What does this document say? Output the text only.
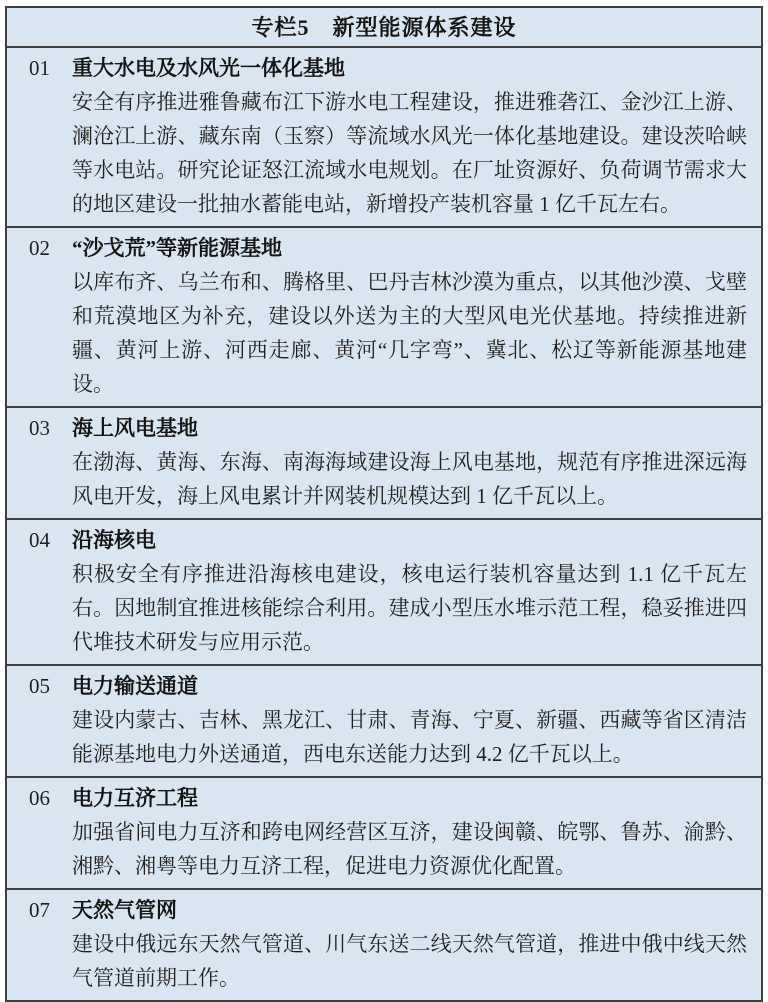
专栏5　新型能源体系建设
01	重大水电及水风光一体化基地
安全有序推进雅鲁藏布江下游水电工程建设，推进雅砻江、金沙江上游、澜沧江上游、藏东南（玉察）等流域水风光一体化基地建设。建设茨哈峡等水电站。研究论证怒江流域水电规划。在厂址资源好、负荷调节需求大的地区建设一批抽水蓄能电站，新增投产装机容量 1 亿千瓦左右。
02	“沙戈荒”等新能源基地
以库布齐、乌兰布和、腾格里、巴丹吉林沙漠为重点，以其他沙漠、戈壁和荒漠地区为补充，建设以外送为主的大型风电光伏基地。持续推进新疆、黄河上游、河西走廊、黄河“几字弯”、冀北、松辽等新能源基地建设。
03	海上风电基地
在渤海、黄海、东海、南海海域建设海上风电基地，规范有序推进深远海风电开发，海上风电累计并网装机规模达到 1 亿千瓦以上。
04	沿海核电
积极安全有序推进沿海核电建设，核电运行装机容量达到 1.1 亿千瓦左右。因地制宜推进核能综合利用。建成小型压水堆示范工程，稳妥推进四代堆技术研发与应用示范。
05	电力输送通道
建设内蒙古、吉林、黑龙江、甘肃、青海、宁夏、新疆、西藏等省区清洁能源基地电力外送通道，西电东送能力达到 4.2 亿千瓦以上。
06	电力互济工程
加强省间电力互济和跨电网经营区互济，建设闽赣、皖鄂、鲁苏、渝黔、湘黔、湘粤等电力互济工程，促进电力资源优化配置。
07	天然气管网
建设中俄远东天然气管道、川气东送二线天然气管道，推进中俄中线天然气管道前期工作。
